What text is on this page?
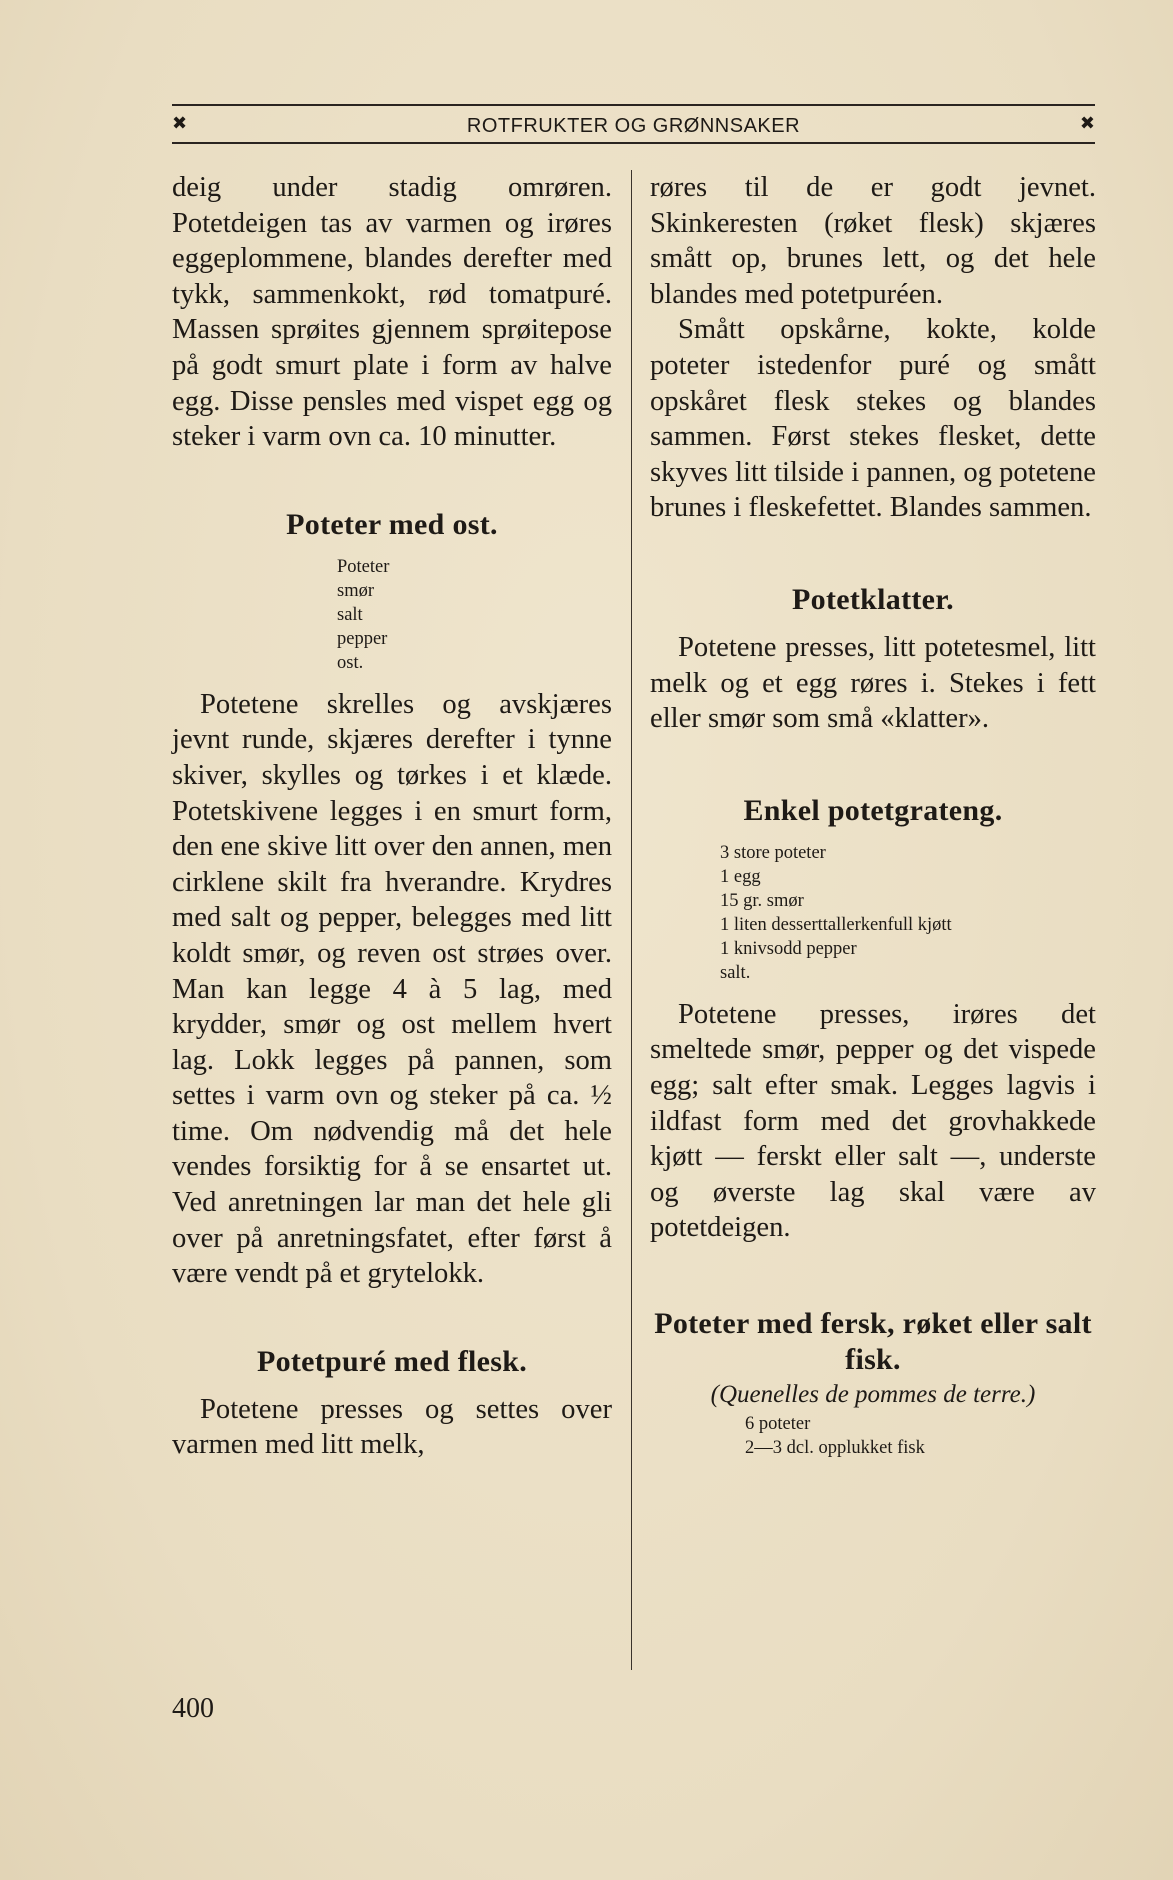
✖	ROTFRUKTER OG GRØNNSAKER	✖

deig under stadig omrøren. Potetdeigen tas av varmen og irøres eggeplommene, blandes derefter med tykk, sammenkokt, rød tomatpuré. Massen sprøites gjennem sprøitepose på godt smurt plate i form av halve egg. Disse pensles med vispet egg og steker i varm ovn ca. 10 minutter.

Poteter med ost.
Poteter
smør
salt
pepper
ost.

Potetene skrelles og avskjæres jevnt runde, skjæres derefter i tynne skiver, skylles og tørkes i et klæde. Potetskivene legges i en smurt form, den ene skive litt over den annen, men cirklene skilt fra hverandre. Krydres med salt og pepper, belegges med litt koldt smør, og reven ost strøes over. Man kan legge 4 à 5 lag, med krydder, smør og ost mellem hvert lag. Lokk legges på pannen, som settes i varm ovn og steker på ca. ½ time. Om nødvendig må det hele vendes forsiktig for å se ensartet ut. Ved anretningen lar man det hele gli over på anretningsfatet, efter først å være vendt på et grytelokk.

Potetpuré med flesk.

Potetene presses og settes over varmen med litt melk,

røres til de er godt jevnet. Skinkeresten (røket flesk) skjæres smått op, brunes lett, og det hele blandes med potetpuréen.

Smått opskårne, kokte, kolde poteter istedenfor puré og smått opskåret flesk stekes og blandes sammen. Først stekes flesket, dette skyves litt tilside i pannen, og potetene brunes i fleskefettet. Blandes sammen.

Potetklatter.

Potetene presses, litt potetesmel, litt melk og et egg røres i. Stekes i fett eller smør som små «klatter».

Enkel potetgrateng.
3 store poteter
1 egg
15 gr. smør
1 liten desserttallerkenfull kjøtt
1 knivsodd pepper
salt.

Potetene presses, irøres det smeltede smør, pepper og det vispede egg; salt efter smak. Legges lagvis i ildfast form med det grovhakkede kjøtt — ferskt eller salt —, underste og øverste lag skal være av potetdeigen.

Poteter med fersk, røket eller salt fisk.
(Quenelles de pommes de terre.)
6 poteter
2—3 dcl. opplukket fisk
400
